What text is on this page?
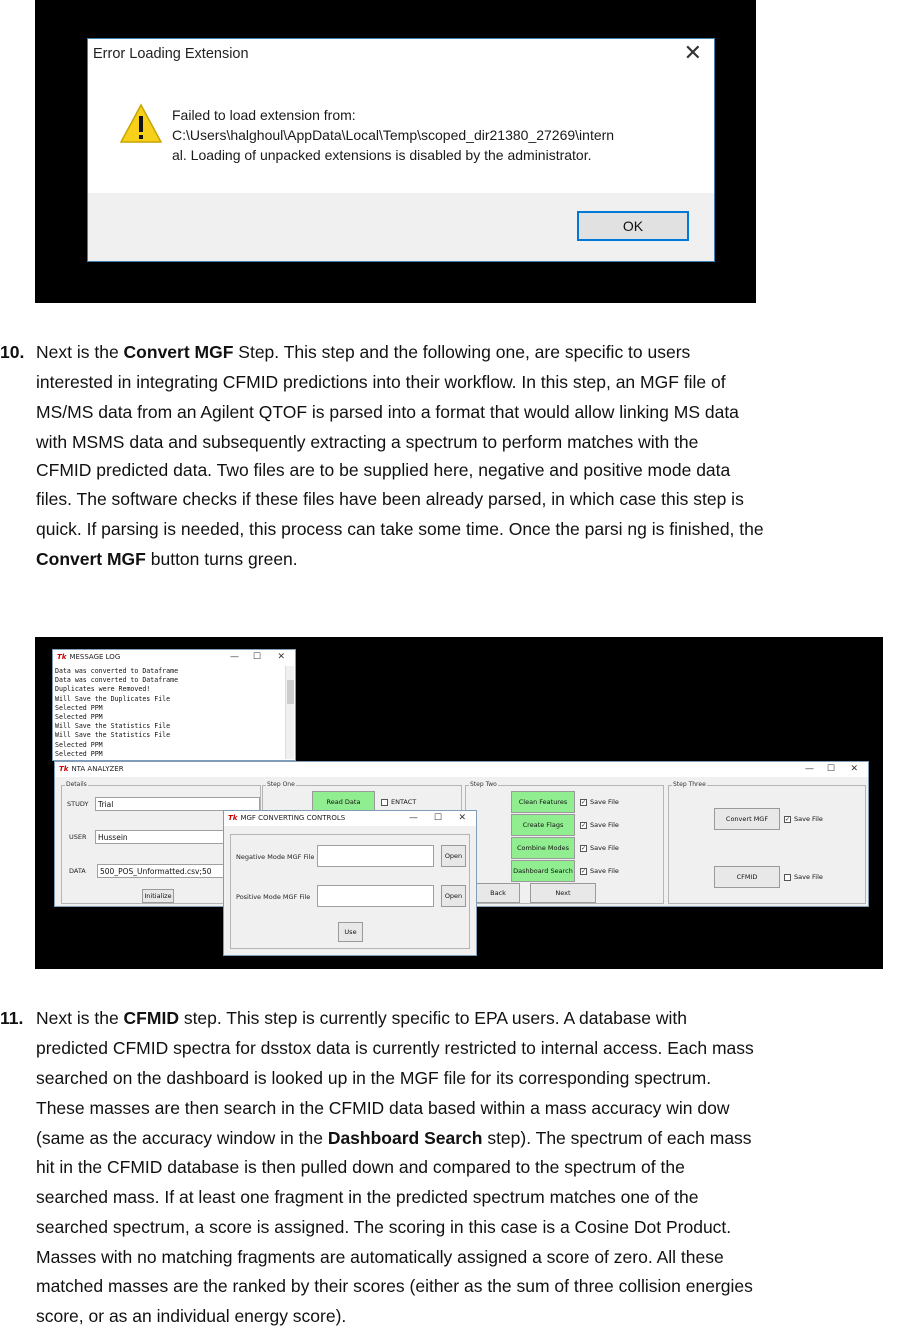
Error Loading Extension	✕
Failed to load extension from:
C:\Users\halghoul\AppData\Local\Temp\scoped_dir21380_27269\intern
al. Loading of unpacked extensions is disabled by the administrator.
OK
10. Next is the Convert MGF Step. This step and the following one, are specific to users
interested in integrating CFMID predictions into their workflow. In this step, an MGF file of
MS/MS data from an Agilent QTOF is parsed into a format that would allow linking MS data
with MSMS data and subsequently extracting a spectrum to perform matches with the
CFMID predicted data. Two files are to be supplied here, negative and positive mode data
files. The software checks if these files have been already parsed, in which case this step is
quick. If parsing is needed, this process can take some time. Once the parsi ng is finished, the
Convert MGF button turns green.
Tk NTA ANALYZER	— ☐ ✕
Details
STUDY	Trial
USER	Hussein
DATA	500_POS_Unformatted.csv;50
Initialize
Step One
Read Data	ENTACT
Step Two
Clean Features	✓ Save File
Create Flags	✓ Save File
Combine Modes	✓ Save File
Dashboard Search	✓ Save File
Back	Next
Step Three
Convert MGF	✓ Save File
CFMID	Save File
Tk MESSAGE LOG	— ☐ ✕
Data was converted to Dataframe
Data was converted to Dataframe
Duplicates were Removed!
Will Save the Duplicates File
Selected PPM
Selected PPM
Will Save the Statistics File
Will Save the Statistics File
Selected PPM
Selected PPM
Tk MGF CONVERTING CONTROLS	— ☐ ✕
Negative Mode MGF File	Open
Positive Mode MGF File	Open
Use
11. Next is the CFMID step. This step is currently specific to EPA users. A database with
predicted CFMID spectra for dsstox data is currently restricted to internal access. Each mass
searched on the dashboard is looked up in the MGF file for its corresponding spectrum.
These masses are then search in the CFMID data based within a mass accuracy win dow
(same as the accuracy window in the Dashboard Search step). The spectrum of each mass
hit in the CFMID database is then pulled down and compared to the spectrum of the
searched mass. If at least one fragment in the predicted spectrum matches one of the
searched spectrum, a score is assigned. The scoring in this case is a Cosine Dot Product.
Masses with no matching fragments are automatically assigned a score of zero. All these
matched masses are the ranked by their scores (either as the sum of three collision energies
score, or as an individual energy score).
